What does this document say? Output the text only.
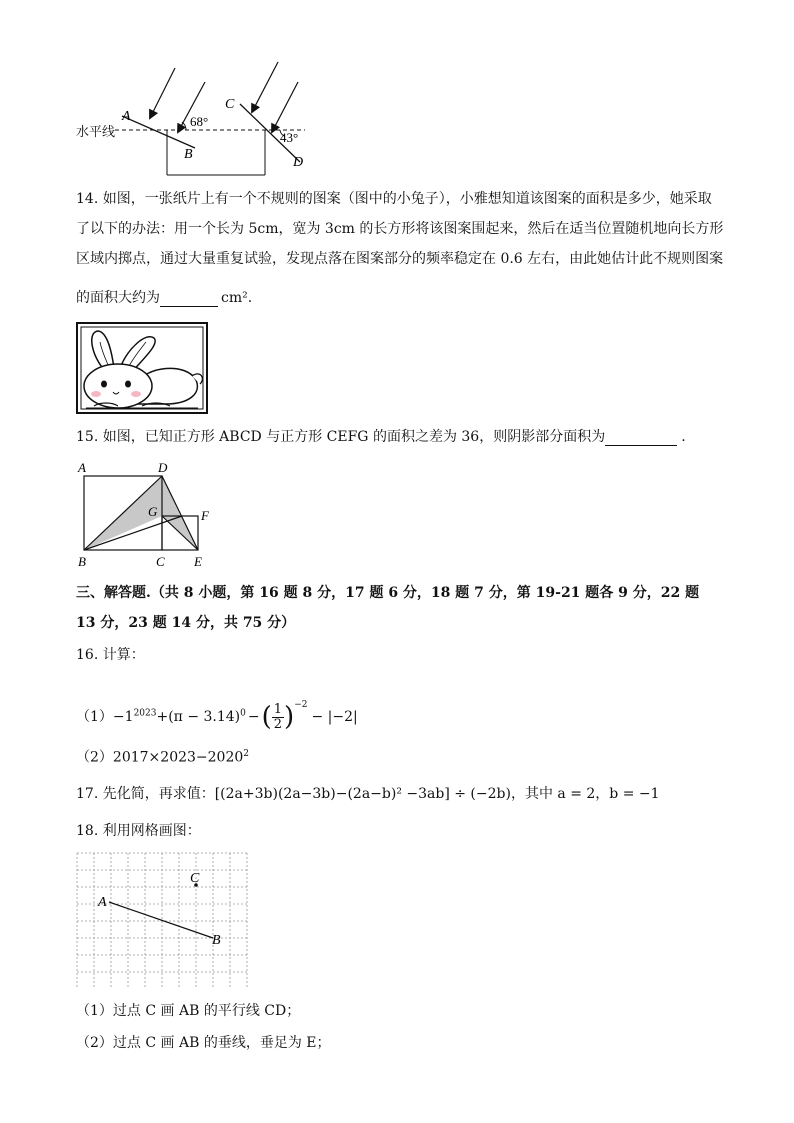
A
B
C
D
68°
43°
水平线
14. 如图，一张纸片上有一个不规则的图案（图中的小兔子），小雅想知道该图案的面积是多少，她采取
了以下的办法：用一个长为 5cm，宽为 3cm 的长方形将该图案围起来，然后在适当位置随机地向长方形
区域内掷点，通过大量重复试验，发现点落在图案部分的频率稳定在 0.6 左右，由此她估计此不规则图案
的面积大约为	cm².
15. 如图，已知正方形 ABCD 与正方形 CEFG 的面积之差为 36，则阴影部分面积为	.
A	D
G	F
B	C E
三、解答题.（共 8 小题，第 16 题 8 分，17 题 6 分，18 题 7 分，第 19-21 题各 9 分，22 题
13 分，23 题 14 分，共 75 分）
16. 计算：
$(1)-1^{2023}+(\pi - 3.14)^0$ −( $\frac{1}{2} )^{-2}- |-2|$
$(2)2017\times 2023-2020^2$
17. 先化简，再求值：[(2a+3b)(2a−3b)−(2a−b)² −3ab] ÷ (−2b)，其中 a = 2，b = −1
18. 利用网格画图：
A
B
C
（1）过点 C 画 AB 的平行线 CD；
（2）过点 C 画 AB 的垂线，垂足为 E；
